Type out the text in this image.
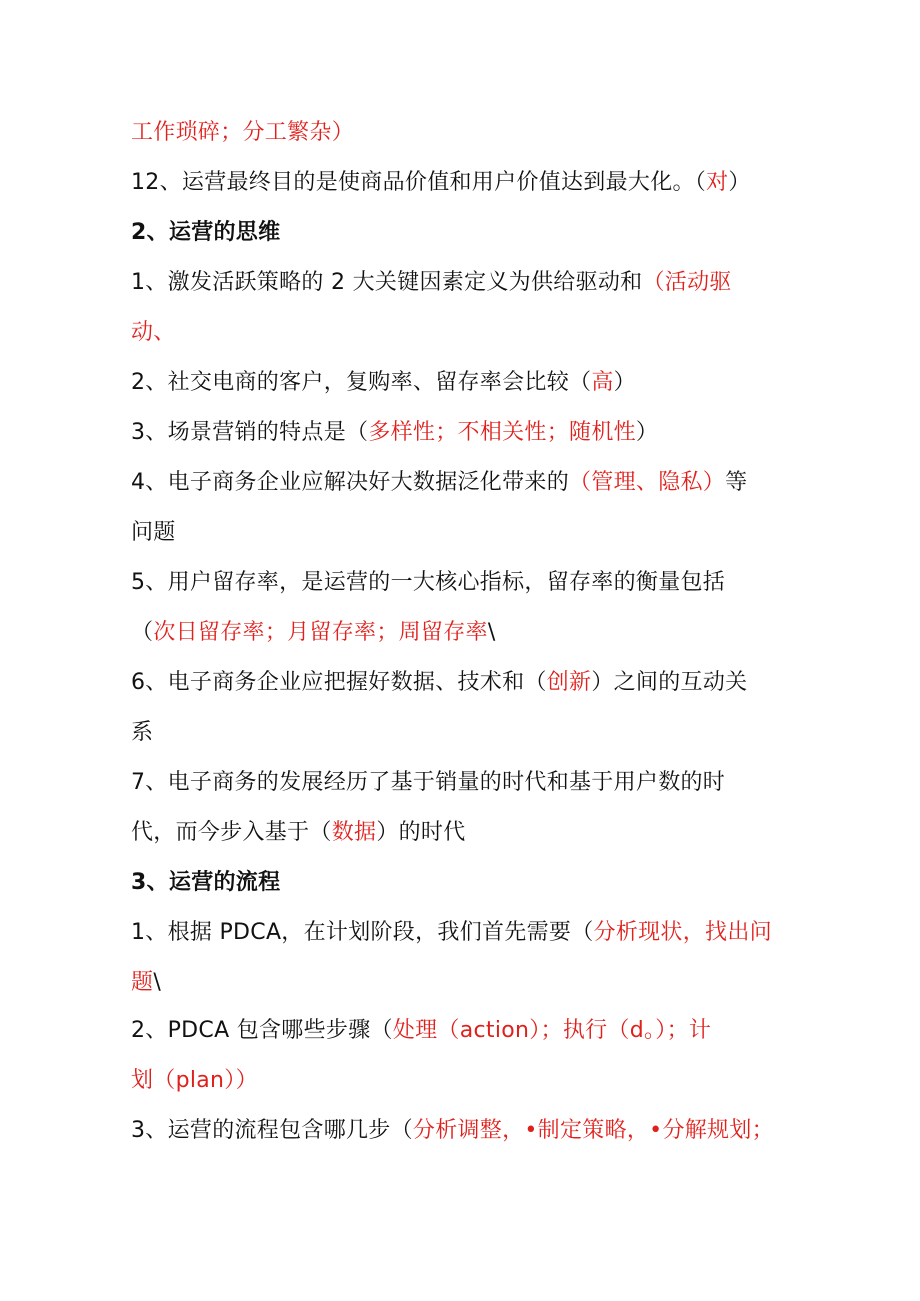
工作琐碎；分工繁杂）
12、运营最终目的是使商品价值和用户价值达到最大化。（对）
2、运营的思维
1、激发活跃策略的 2 大关键因素定义为供给驱动和（活动驱
动、
2、社交电商的客户，复购率、留存率会比较（高）
3、场景营销的特点是（多样性；不相关性；随机性）
4、电子商务企业应解决好大数据泛化带来的（管理、隐私）等
问题
5、用户留存率，是运营的一大核心指标，留存率的衡量包括
（次日留存率；月留存率；周留存率\
6、电子商务企业应把握好数据、技术和（创新）之间的互动关
系
7、电子商务的发展经历了基于销量的时代和基于用户数的时
代，而今步入基于（数据）的时代
3、运营的流程
1、根据 PDCA，在计划阶段，我们首先需要（分析现状，找出问
题\
2、PDCA 包含哪些步骤（处理（action）；执行（d。）；计
划（plan））
3、运营的流程包含哪几步（分析调整，•制定策略，•分解规划；
